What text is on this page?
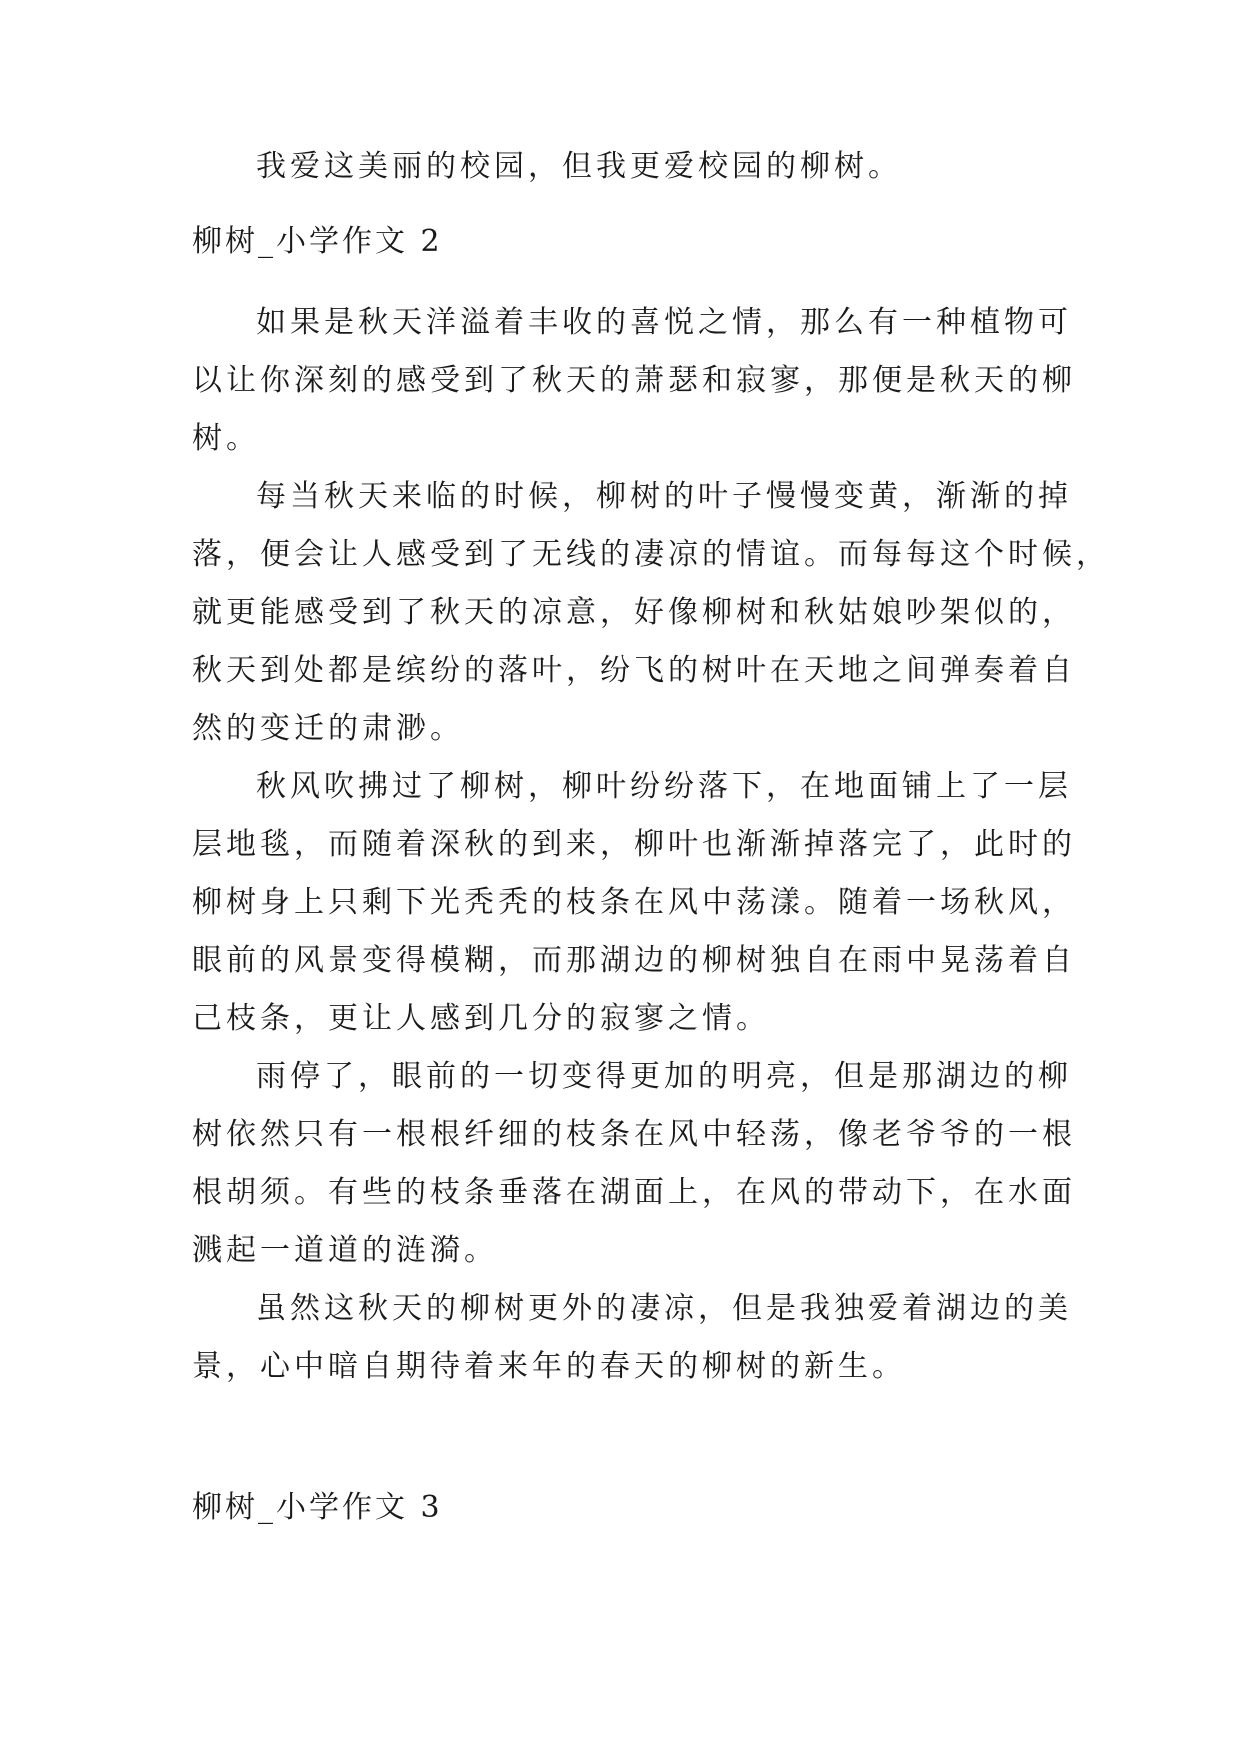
我爱这美丽的校园，但我更爱校园的柳树。
柳树_小学作文 2
如果是秋天洋溢着丰收的喜悦之情，那么有一种植物可
以让你深刻的感受到了秋天的萧瑟和寂寥，那便是秋天的柳
树。
每当秋天来临的时候，柳树的叶子慢慢变黄，渐渐的掉
落，便会让人感受到了无线的凄凉的情谊。而每每这个时候，
就更能感受到了秋天的凉意，好像柳树和秋姑娘吵架似的，
秋天到处都是缤纷的落叶，纷飞的树叶在天地之间弹奏着自
然的变迁的肃渺。
秋风吹拂过了柳树，柳叶纷纷落下，在地面铺上了一层
层地毯，而随着深秋的到来，柳叶也渐渐掉落完了，此时的
柳树身上只剩下光秃秃的枝条在风中荡漾。随着一场秋风，
眼前的风景变得模糊，而那湖边的柳树独自在雨中晃荡着自
己枝条，更让人感到几分的寂寥之情。
雨停了，眼前的一切变得更加的明亮，但是那湖边的柳
树依然只有一根根纤细的枝条在风中轻荡，像老爷爷的一根
根胡须。有些的枝条垂落在湖面上，在风的带动下，在水面
溅起一道道的涟漪。
虽然这秋天的柳树更外的凄凉，但是我独爱着湖边的美
景，心中暗自期待着来年的春天的柳树的新生。
柳树_小学作文 3
